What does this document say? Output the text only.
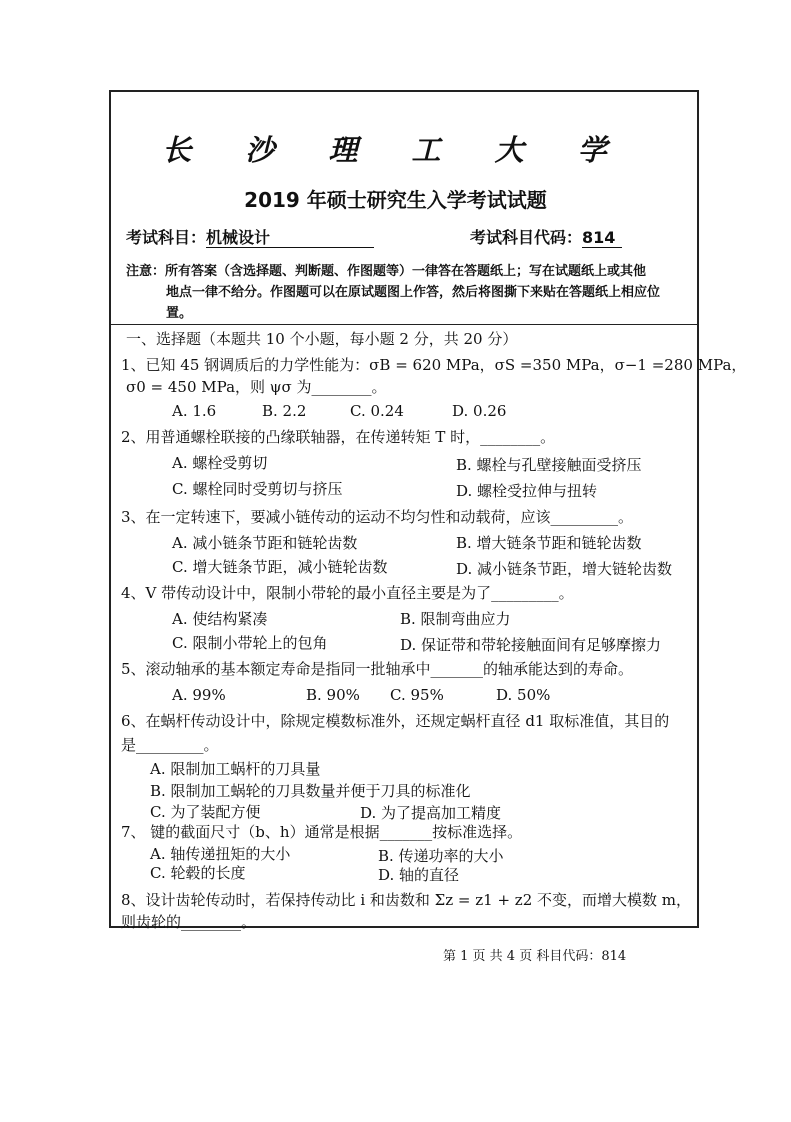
长 沙 理 工 大 学
2019 年硕士研究生入学考试试题
考试科目：机械设计	考试科目代码：814
注意：所有答案（含选择题、判断题、作图题等）一律答在答题纸上；写在试题纸上或其他
地点一律不给分。作图题可以在原试题图上作答，然后将图撕下来贴在答题纸上相应位
置。
一、选择题（本题共 10 个小题，每小题 2 分，共 20 分）
1、已知 45 钢调质后的力学性能为：σB = 620 MPa，σS =350 MPa，σ−1 =280 MPa，
σ0 = 450 MPa，则 ψσ 为________。
A. 1.6	B. 2.2	C. 0.24	D. 0.26
2、用普通螺栓联接的凸缘联轴器，在传递转矩 T 时，________。
A. 螺栓受剪切	B. 螺栓与孔壁接触面受挤压
C. 螺栓同时受剪切与挤压	D. 螺栓受拉伸与扭转
3、在一定转速下，要减小链传动的运动不均匀性和动载荷，应该_________。
A. 减小链条节距和链轮齿数	B. 增大链条节距和链轮齿数
C. 增大链条节距，减小链轮齿数	D. 减小链条节距，增大链轮齿数
4、V 带传动设计中，限制小带轮的最小直径主要是为了_________。
A. 使结构紧凑	B. 限制弯曲应力
C. 限制小带轮上的包角	D. 保证带和带轮接触面间有足够摩擦力
5、滚动轴承的基本额定寿命是指同一批轴承中_______的轴承能达到的寿命。
A. 99%	B. 90% C. 95%	D. 50%
6、在蜗杆传动设计中，除规定模数标准外，还规定蜗杆直径 d1 取标准值，其目的
是_________。
A. 限制加工蜗杆的刀具量
B. 限制加工蜗轮的刀具数量并便于刀具的标准化
C. 为了装配方便	D. 为了提高加工精度
7、 键的截面尺寸（b、h）通常是根据_______按标准选择。
A. 轴传递扭矩的大小	B. 传递功率的大小
C. 轮毂的长度	D. 轴的直径
8、设计齿轮传动时，若保持传动比 i 和齿数和 Σz = z1 + z2 不变，而增大模数 m，
则齿轮的________。
第 1 页 共 4 页 科目代码：814
